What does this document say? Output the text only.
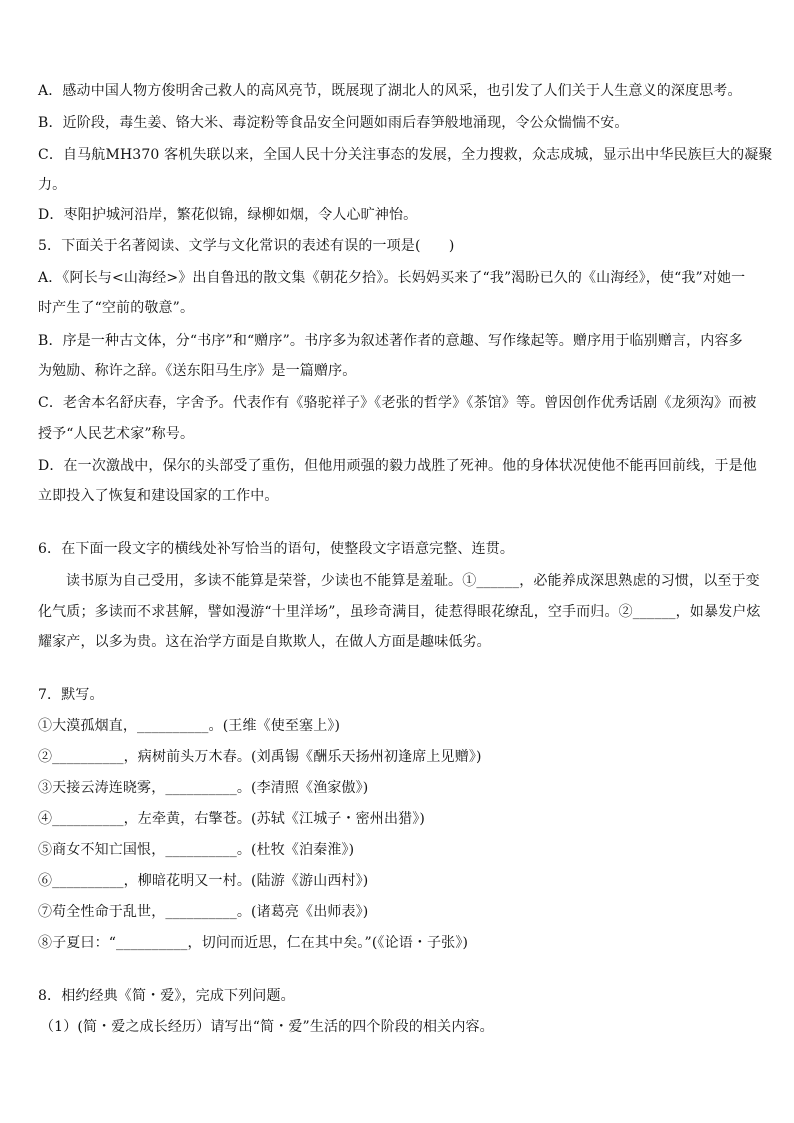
A．感动中国人物方俊明舍己救人的高风亮节，既展现了湖北人的风采，也引发了人们关于人生意义的深度思考。
B．近阶段，毒生姜、铬大米、毒淀粉等食品安全问题如雨后春笋般地涌现，令公众惴惴不安。
C．自马航MH370 客机失联以来，全国人民十分关注事态的发展，全力搜救，众志成城，显示出中华民族巨大的凝聚
力。
D．枣阳护城河沿岸，繁花似锦，绿柳如烟，令人心旷神怡。
5．下面关于名著阅读、文学与文化常识的表述有误的一项是(　　)
A．《阿长与<山海经>》出自鲁迅的散文集《朝花夕拾》。长妈妈买来了“我”渴盼已久的《山海经》，使“我”对她一
时产生了“空前的敬意”。
B．序是一种古文体，分“书序”和“赠序”。书序多为叙述著作者的意趣、写作缘起等。赠序用于临别赠言，内容多
为勉励、称许之辞。《送东阳马生序》是一篇赠序。
C．老舍本名舒庆春，字舍予。代表作有《骆驼祥子》《老张的哲学》《茶馆》等。曾因创作优秀话剧《龙须沟》而被
授予“人民艺术家”称号。
D．在一次激战中，保尔的头部受了重伤，但他用顽强的毅力战胜了死神。他的身体状况使他不能再回前线，于是他
立即投入了恢复和建设国家的工作中。
6．在下面一段文字的横线处补写恰当的语句，使整段文字语意完整、连贯。
读书原为自己受用，多读不能算是荣誉，少读也不能算是羞耻。①______，必能养成深思熟虑的习惯，以至于变
化气质；多读而不求甚解，譬如漫游“十里洋场”，虽珍奇满目，徒惹得眼花缭乱，空手而归。②______，如暴发户炫
耀家产，以多为贵。这在治学方面是自欺欺人，在做人方面是趣味低劣。
7．默写。
①大漠孤烟直，__________。(王维《使至塞上》)
②__________，病树前头万木春。(刘禹锡《酬乐天扬州初逢席上见赠》)
③天接云涛连晓雾，__________。(李清照《渔家傲》)
④__________，左牵黄，右擎苍。(苏轼《江城子・密州出猎》)
⑤商女不知亡国恨，__________。(杜牧《泊秦淮》)
⑥__________，柳暗花明又一村。(陆游《游山西村》)
⑦苟全性命于乱世，__________。(诸葛亮《出师表》)
⑧子夏曰：“__________，切问而近思，仁在其中矣。”(《论语・子张》)
8．相约经典《简・爱》，完成下列问题。
（1）(简・爱之成长经历）请写出“简・爱”生活的四个阶段的相关内容。
